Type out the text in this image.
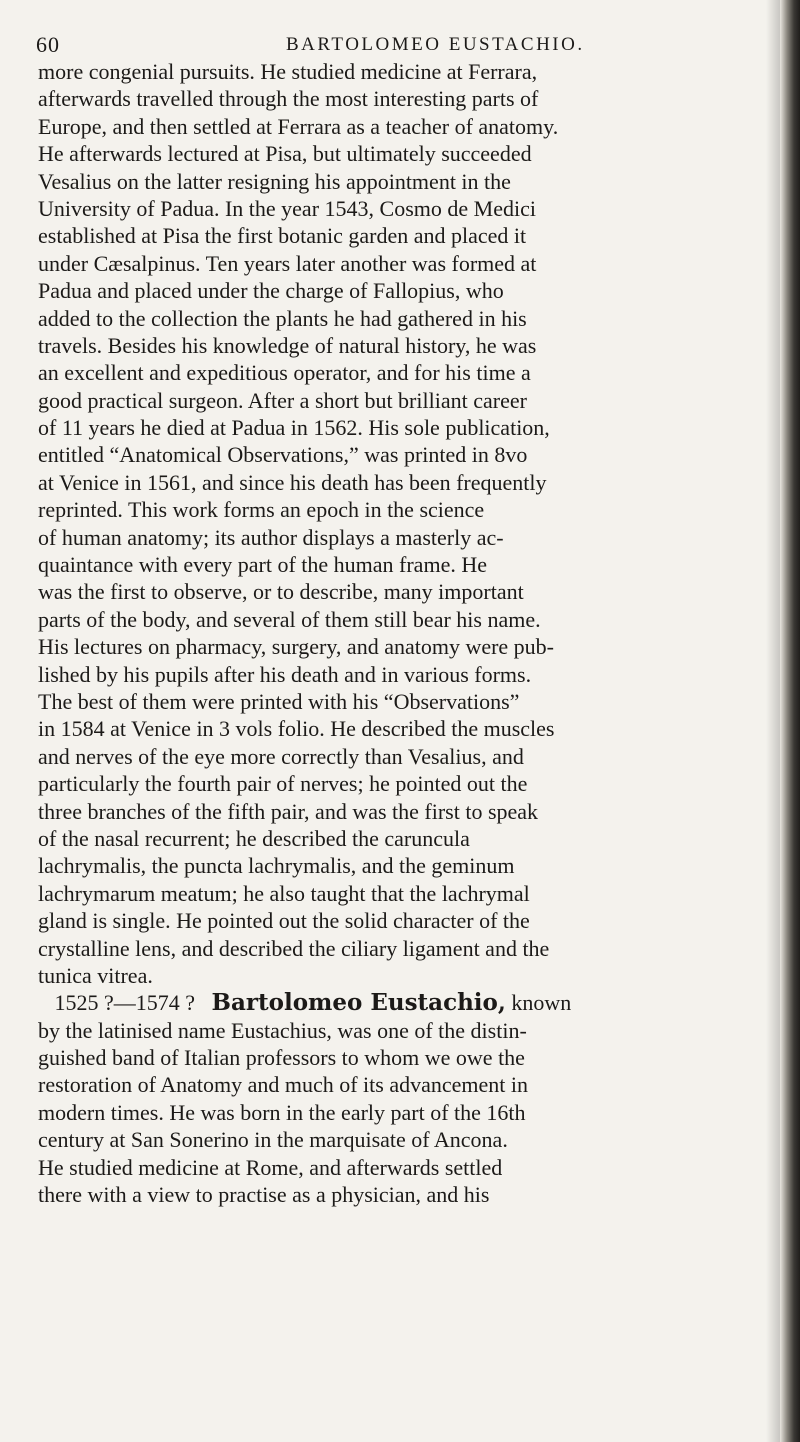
60	BARTOLOMEO EUSTACHIO.
more congenial pursuits. He studied medicine at Ferrara,
afterwards travelled through the most interesting parts of
Europe, and then settled at Ferrara as a teacher of anatomy.
He afterwards lectured at Pisa, but ultimately succeeded
Vesalius on the latter resigning his appointment in the
University of Padua. In the year 1543, Cosmo de Medici
established at Pisa the first botanic garden and placed it
under Cæsalpinus. Ten years later another was formed at
Padua and placed under the charge of Fallopius, who
added to the collection the plants he had gathered in his
travels. Besides his knowledge of natural history, he was
an excellent and expeditious operator, and for his time a
good practical surgeon. After a short but brilliant career
of 11 years he died at Padua in 1562. His sole publication,
entitled “Anatomical Observations,” was printed in 8vo
at Venice in 1561, and since his death has been frequently
reprinted. This work forms an epoch in the science
of human anatomy; its author displays a masterly ac-
quaintance with every part of the human frame. He
was the first to observe, or to describe, many important
parts of the body, and several of them still bear his name.
His lectures on pharmacy, surgery, and anatomy were pub-
lished by his pupils after his death and in various forms.
The best of them were printed with his “Observations”
in 1584 at Venice in 3 vols folio. He described the muscles
and nerves of the eye more correctly than Vesalius, and
particularly the fourth pair of nerves; he pointed out the
three branches of the fifth pair, and was the first to speak
of the nasal recurrent; he described the caruncula
lachrymalis, the puncta lachrymalis, and the geminum
lachrymarum meatum; he also taught that the lachrymal
gland is single. He pointed out the solid character of the
crystalline lens, and described the ciliary ligament and the
tunica vitrea.
1525 ?—1574 ? Bartolomeo Eustachio, known
by the latinised name Eustachius, was one of the distin-
guished band of Italian professors to whom we owe the
restoration of Anatomy and much of its advancement in
modern times. He was born in the early part of the 16th
century at San Sonerino in the marquisate of Ancona.
He studied medicine at Rome, and afterwards settled
there with a view to practise as a physician, and his
